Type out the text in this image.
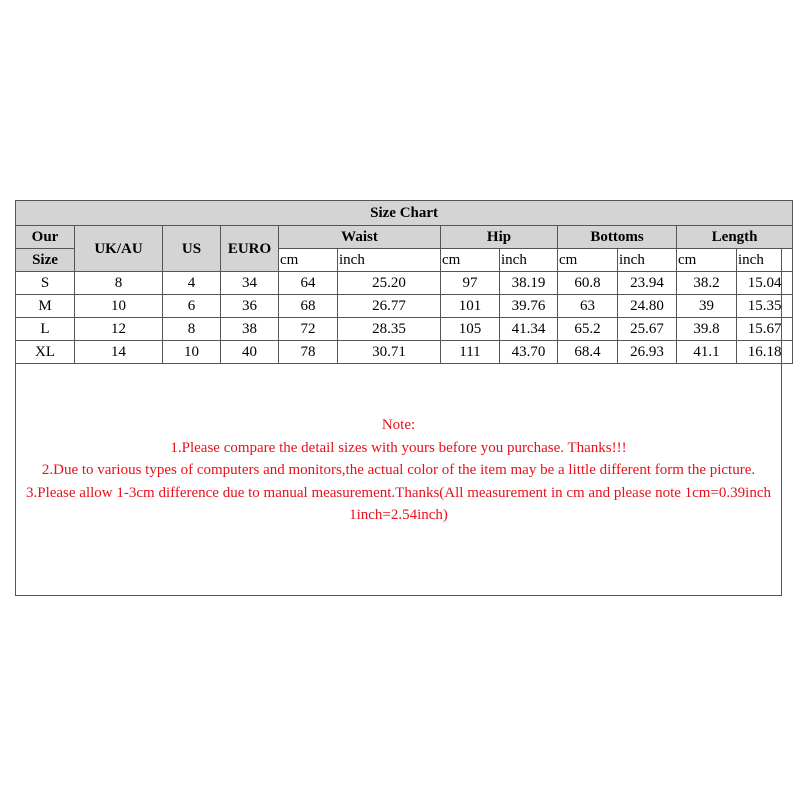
Size Chart											
Our	UK/AU	US	EURO	Waist		Hip		Bottoms		Length	
Size				cm	inch	cm	inch	cm	inch	cm	inch
S	8	4	34	64	25.20	97	38.19	60.8	23.94	38.2	15.04
M	10	6	36	68	26.77	101	39.76	63	24.80	39	15.35
L	12	8	38	72	28.35	105	41.34	65.2	25.67	39.8	15.67
XL	14	10	40	78	30.71	111	43.70	68.4	26.93	41.1	16.18
Note:
1.Please compare the detail sizes with yours before you purchase. Thanks!!!
2.Due to various types of computers and monitors,the actual color of the item may be a little different form the picture.
3.Please allow 1-3cm difference due to manual measurement.Thanks(All measurement in cm and please note 1cm=0.39inch 1inch=2.54inch)
